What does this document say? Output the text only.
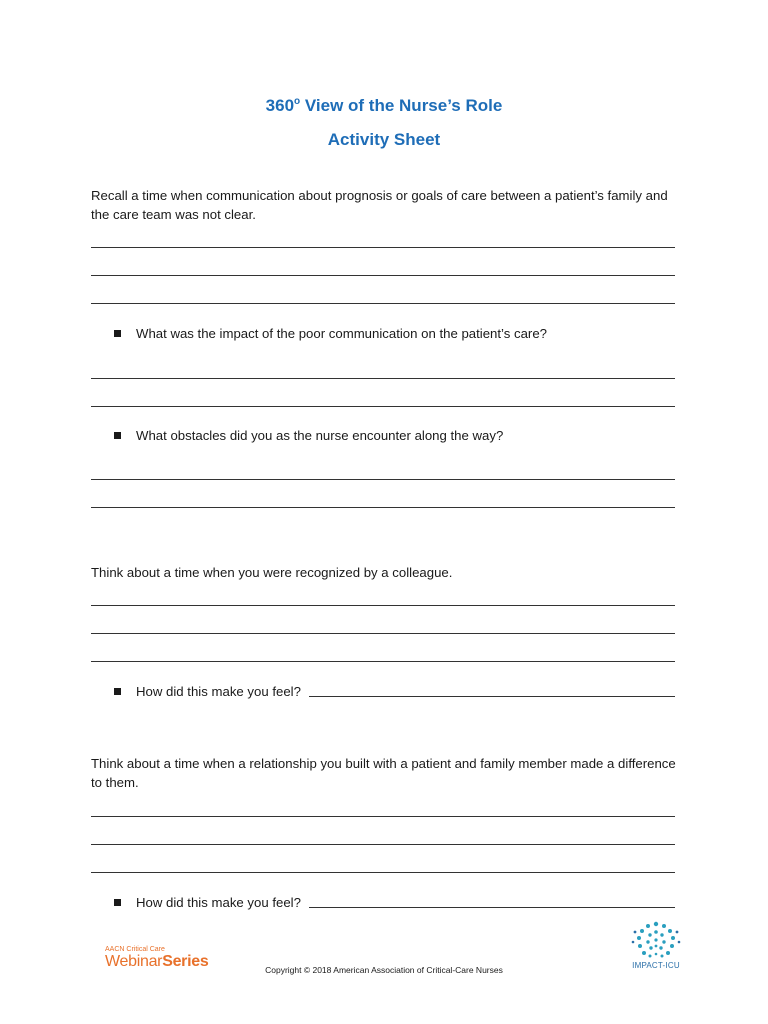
360$^o$ View of the Nurse’s Role
Activity Sheet

Recall a time when communication about prognosis or goals of care between a patient’s family and the care team was not clear.

What was the impact of the poor communication on the patient’s care?

What obstacles did you as the nurse encounter along the way?

Think about a time when you were recognized by a colleague.

How did this make you feel?

Think about a time when a relationship you built with a patient and family member made a difference to them.

How did this make you feel?

AACN Critical Care
WebinarSeries	Copyright © 2018 American Association of Critical-Care Nurses	IMPACT-ICU
